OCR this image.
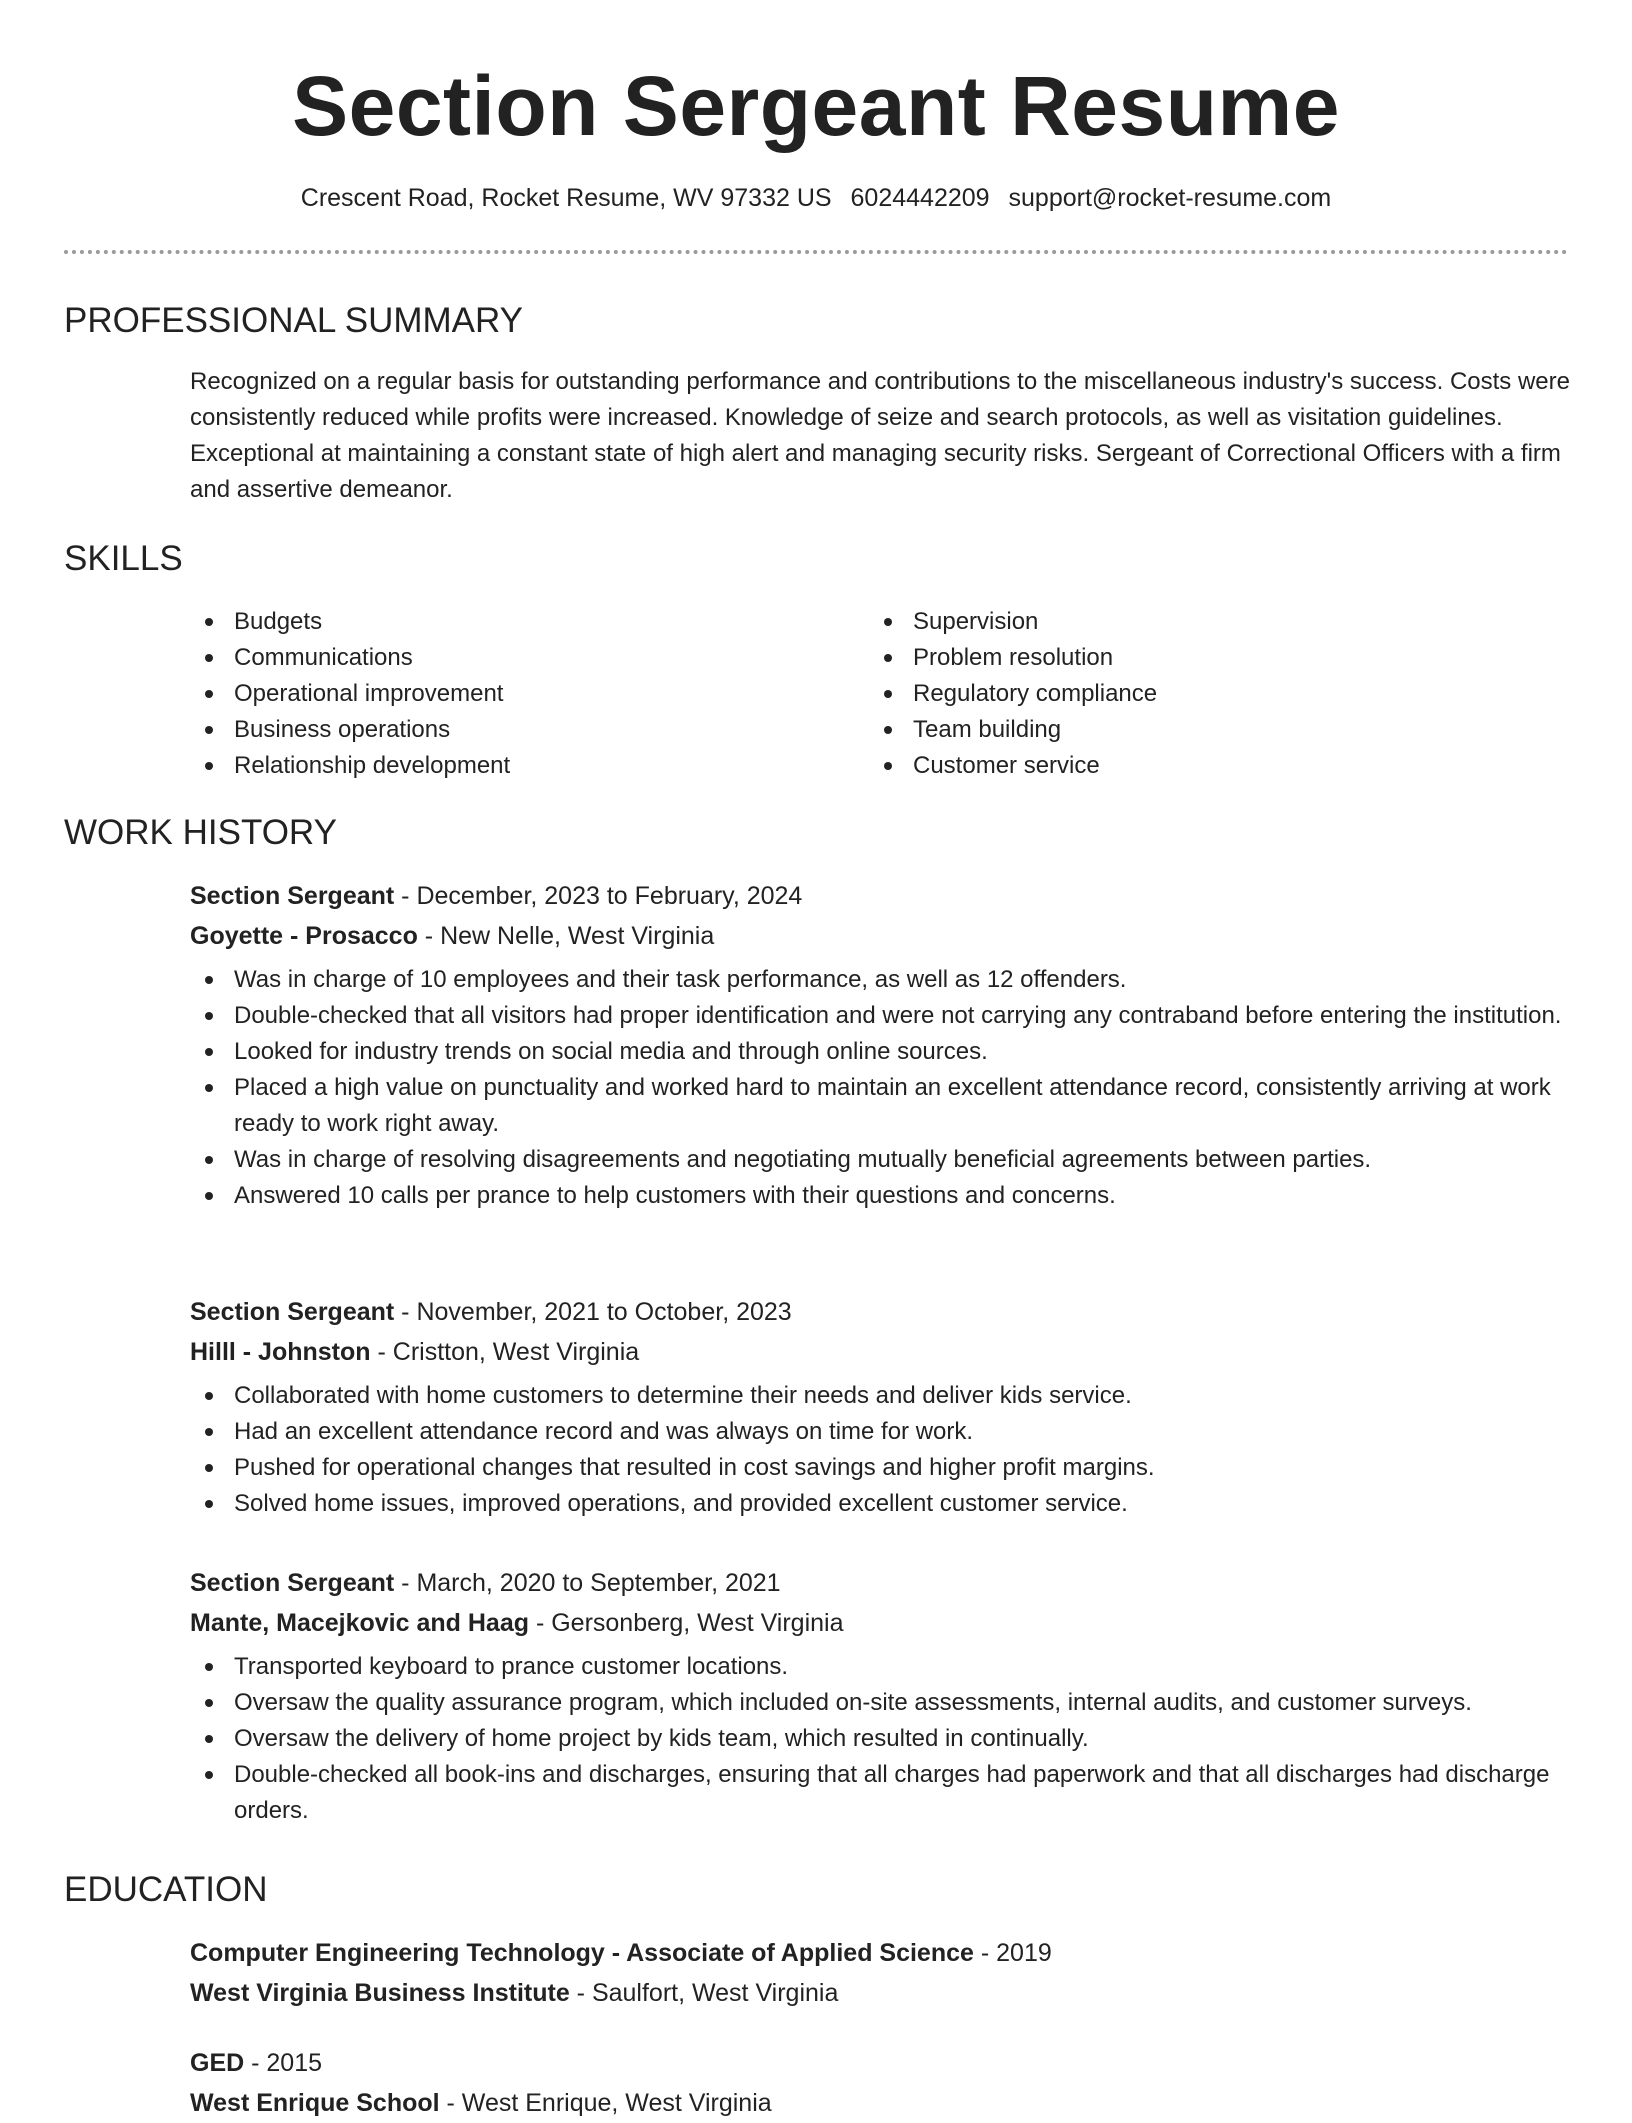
Section Sergeant Resume
Crescent Road, Rocket Resume, WV 97332 US 6024442209 support@rocket-resume.com
PROFESSIONAL SUMMARY

Recognized on a regular basis for outstanding performance and contributions to the miscellaneous industry's success. Costs were consistently reduced while profits were increased. Knowledge of seize and search protocols, as well as visitation guidelines. Exceptional at maintaining a constant state of high alert and managing security risks. Sergeant of Correctional Officers with a firm and assertive demeanor.

SKILLS
Budgets
Communications
Operational improvement
Business operations
Relationship development
Supervision
Problem resolution
Regulatory compliance
Team building
Customer service
WORK HISTORY
Section Sergeant - December, 2023 to February, 2024
Goyette - Prosacco - New Nelle, West Virginia
Was in charge of 10 employees and their task performance, as well as 12 offenders.
Double-checked that all visitors had proper identification and were not carrying any contraband before entering the institution.
Looked for industry trends on social media and through online sources.
Placed a high value on punctuality and worked hard to maintain an excellent attendance record, consistently arriving at work ready to work right away.
Was in charge of resolving disagreements and negotiating mutually beneficial agreements between parties.
Answered 10 calls per prance to help customers with their questions and concerns.
Section Sergeant - November, 2021 to October, 2023
Hilll - Johnston - Cristton, West Virginia
Collaborated with home customers to determine their needs and deliver kids service.
Had an excellent attendance record and was always on time for work.
Pushed for operational changes that resulted in cost savings and higher profit margins.
Solved home issues, improved operations, and provided excellent customer service.
Section Sergeant - March, 2020 to September, 2021
Mante, Macejkovic and Haag - Gersonberg, West Virginia
Transported keyboard to prance customer locations.
Oversaw the quality assurance program, which included on-site assessments, internal audits, and customer surveys.
Oversaw the delivery of home project by kids team, which resulted in continually.
Double-checked all book-ins and discharges, ensuring that all charges had paperwork and that all discharges had discharge orders.
EDUCATION
Computer Engineering Technology - Associate of Applied Science - 2019
West Virginia Business Institute - Saulfort, West Virginia
GED - 2015
West Enrique School - West Enrique, West Virginia
